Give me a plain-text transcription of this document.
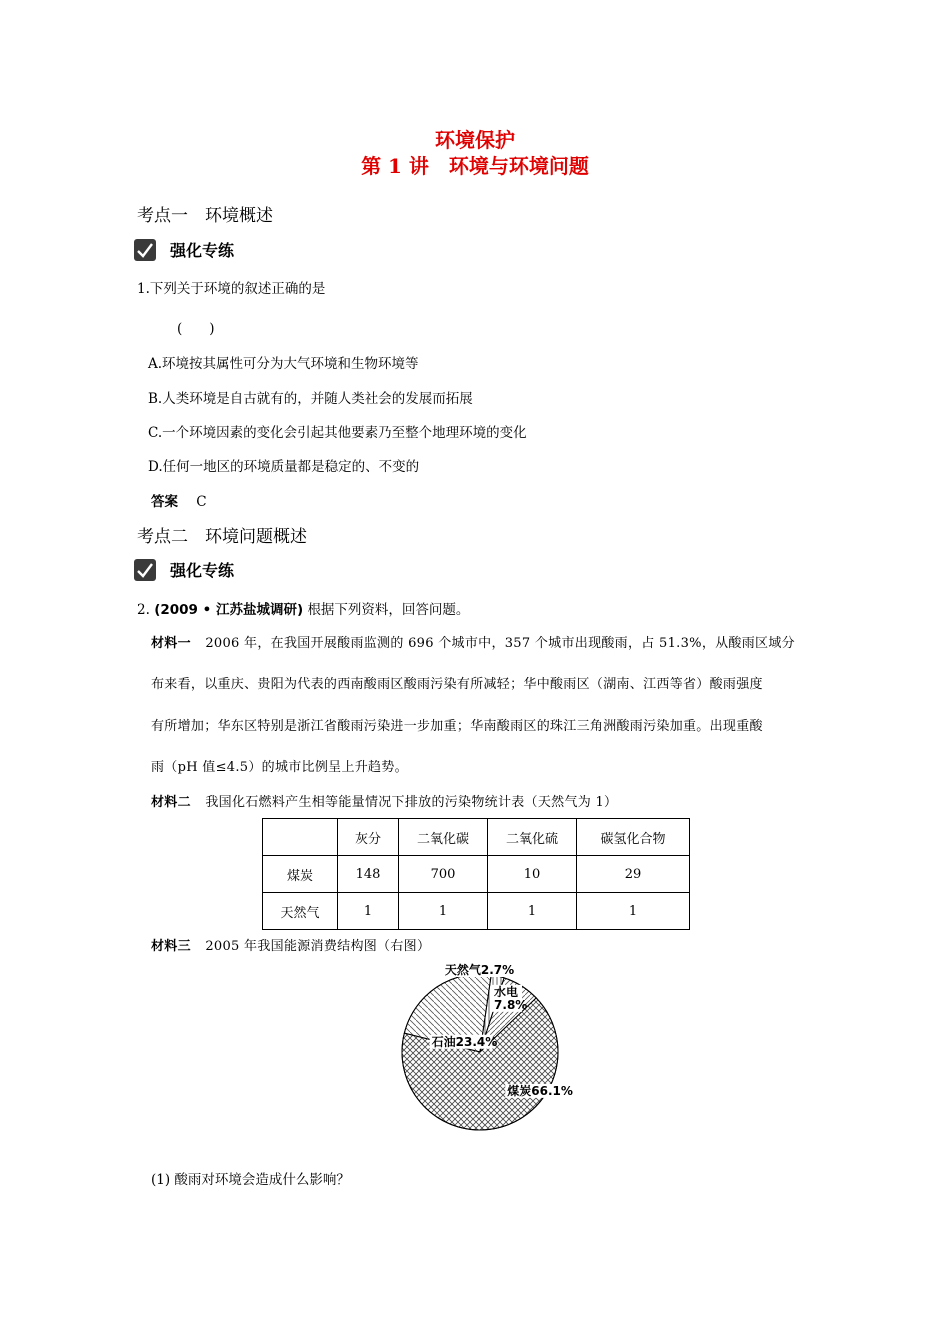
环境保护
第 1 讲　环境与环境问题
考点一　环境概述
强化专练
1.下列关于环境的叙述正确的是
(　　)
A.环境按其属性可分为大气环境和生物环境等
B.人类环境是自古就有的，并随人类社会的发展而拓展
C.一个环境因素的变化会引起其他要素乃至整个地理环境的变化
D.任何一地区的环境质量都是稳定的、不变的
答案 C
考点二　环境问题概述
强化专练
2. (2009 • 江苏盐城调研) 根据下列资料，回答问题。
材料一 2006 年，在我国开展酸雨监测的 696 个城市中，357 个城市出现酸雨，占 51.3%，从酸雨区域分
布来看，以重庆、贵阳为代表的西南酸雨区酸雨污染有所减轻；华中酸雨区（湖南、江西等省）酸雨强度
有所增加；华东区特别是浙江省酸雨污染进一步加重；华南酸雨区的珠江三角洲酸雨污染加重。出现重酸
雨（pH 值≤4.5）的城市比例呈上升趋势。
材料二 我国化石燃料产生相等能量情况下排放的污染物统计表（天然气为 1）
	灰分	二氧化碳	二氧化硫	碳氢化合物
煤炭	148	700	10	29
天然气	1	1	1	1
材料三 2005 年我国能源消费结构图（右图）
水电 7.8%
煤炭66.1%
石油23.4%
天然气2.7%
(1) 酸雨对环境会造成什么影响？
